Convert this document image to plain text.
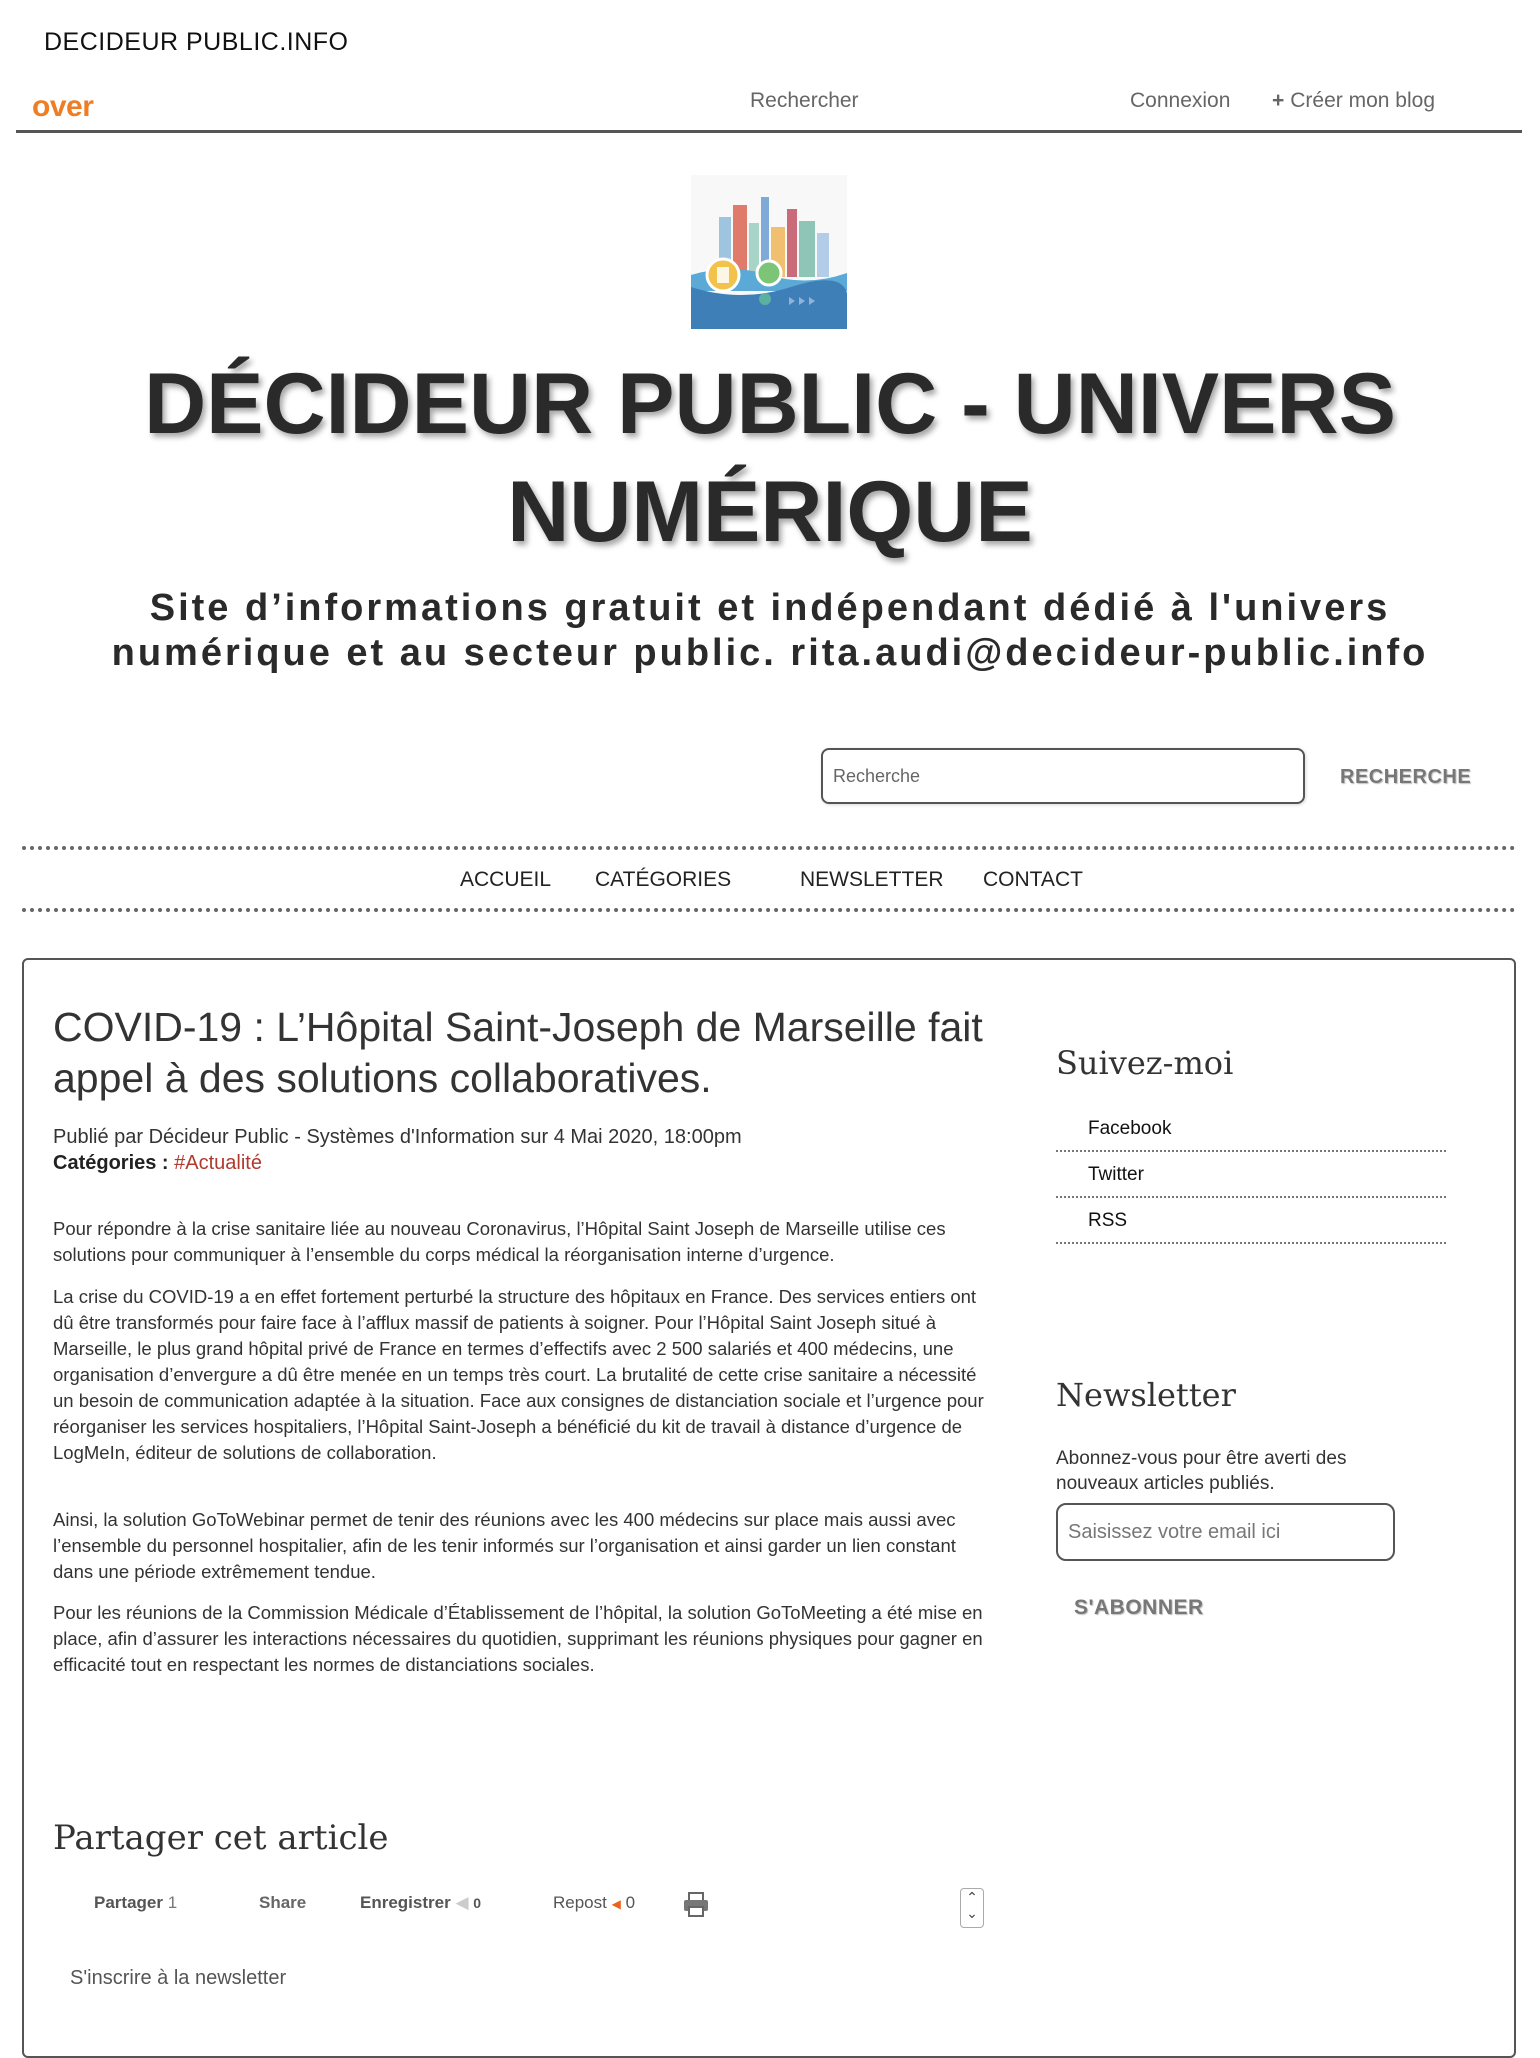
DECIDEUR PUBLIC.INFO
over	Rechercher	Connexion + Créer mon blog
DÉCIDEUR PUBLIC - UNIVERS NUMÉRIQUE
Site d’informations gratuit et indépendant dédié à l'univers numérique et au secteur public. rita.audi@decideur-public.info
Recherche
RECHERCHE
ACCUEIL CATÉGORIES	NEWSLETTER CONTACT
COVID-19 : L’Hôpital Saint-Joseph de Marseille fait appel à des solutions collaboratives.
Publié par Décideur Public - Systèmes d'Information sur 4 Mai 2020, 18:00pm
Catégories : #Actualité

Pour répondre à la crise sanitaire liée au nouveau Coronavirus, l’Hôpital Saint Joseph de Marseille utilise ces solutions pour communiquer à l’ensemble du corps médical la réorganisation interne d’urgence.

La crise du COVID-19 a en effet fortement perturbé la structure des hôpitaux en France. Des services entiers ont dû être transformés pour faire face à l’afflux massif de patients à soigner. Pour l’Hôpital Saint Joseph situé à Marseille, le plus grand hôpital privé de France en termes d’effectifs avec 2 500 salariés et 400 médecins, une organisation d’envergure a dû être menée en un temps très court. La brutalité de cette crise sanitaire a nécessité un besoin de communication adaptée à la situation. Face aux consignes de distanciation sociale et l’urgence pour réorganiser les services hospitaliers, l’Hôpital Saint-Joseph a bénéficié du kit de travail à distance d’urgence de LogMeIn, éditeur de solutions de collaboration.

Ainsi, la solution GoToWebinar permet de tenir des réunions avec les 400 médecins sur place mais aussi avec l’ensemble du personnel hospitalier, afin de les tenir informés sur l’organisation et ainsi garder un lien constant dans une période extrêmement tendue.

Pour les réunions de la Commission Médicale d’Établissement de l’hôpital, la solution GoToMeeting a été mise en place, afin d’assurer les interactions nécessaires du quotidien, supprimant les réunions physiques pour gagner en efficacité tout en respectant les normes de distanciations sociales.

Partager cet article
Partager 1	Share	Enregistrer ◀ 0	Repost ◀ 0	⌃
⌄
S'inscrire à la newsletter
Suivez-moi
Facebook
Twitter
RSS
Newsletter
Abonnez-vous pour être averti des nouveaux articles publiés.
Saisissez votre email ici
S'ABONNER
